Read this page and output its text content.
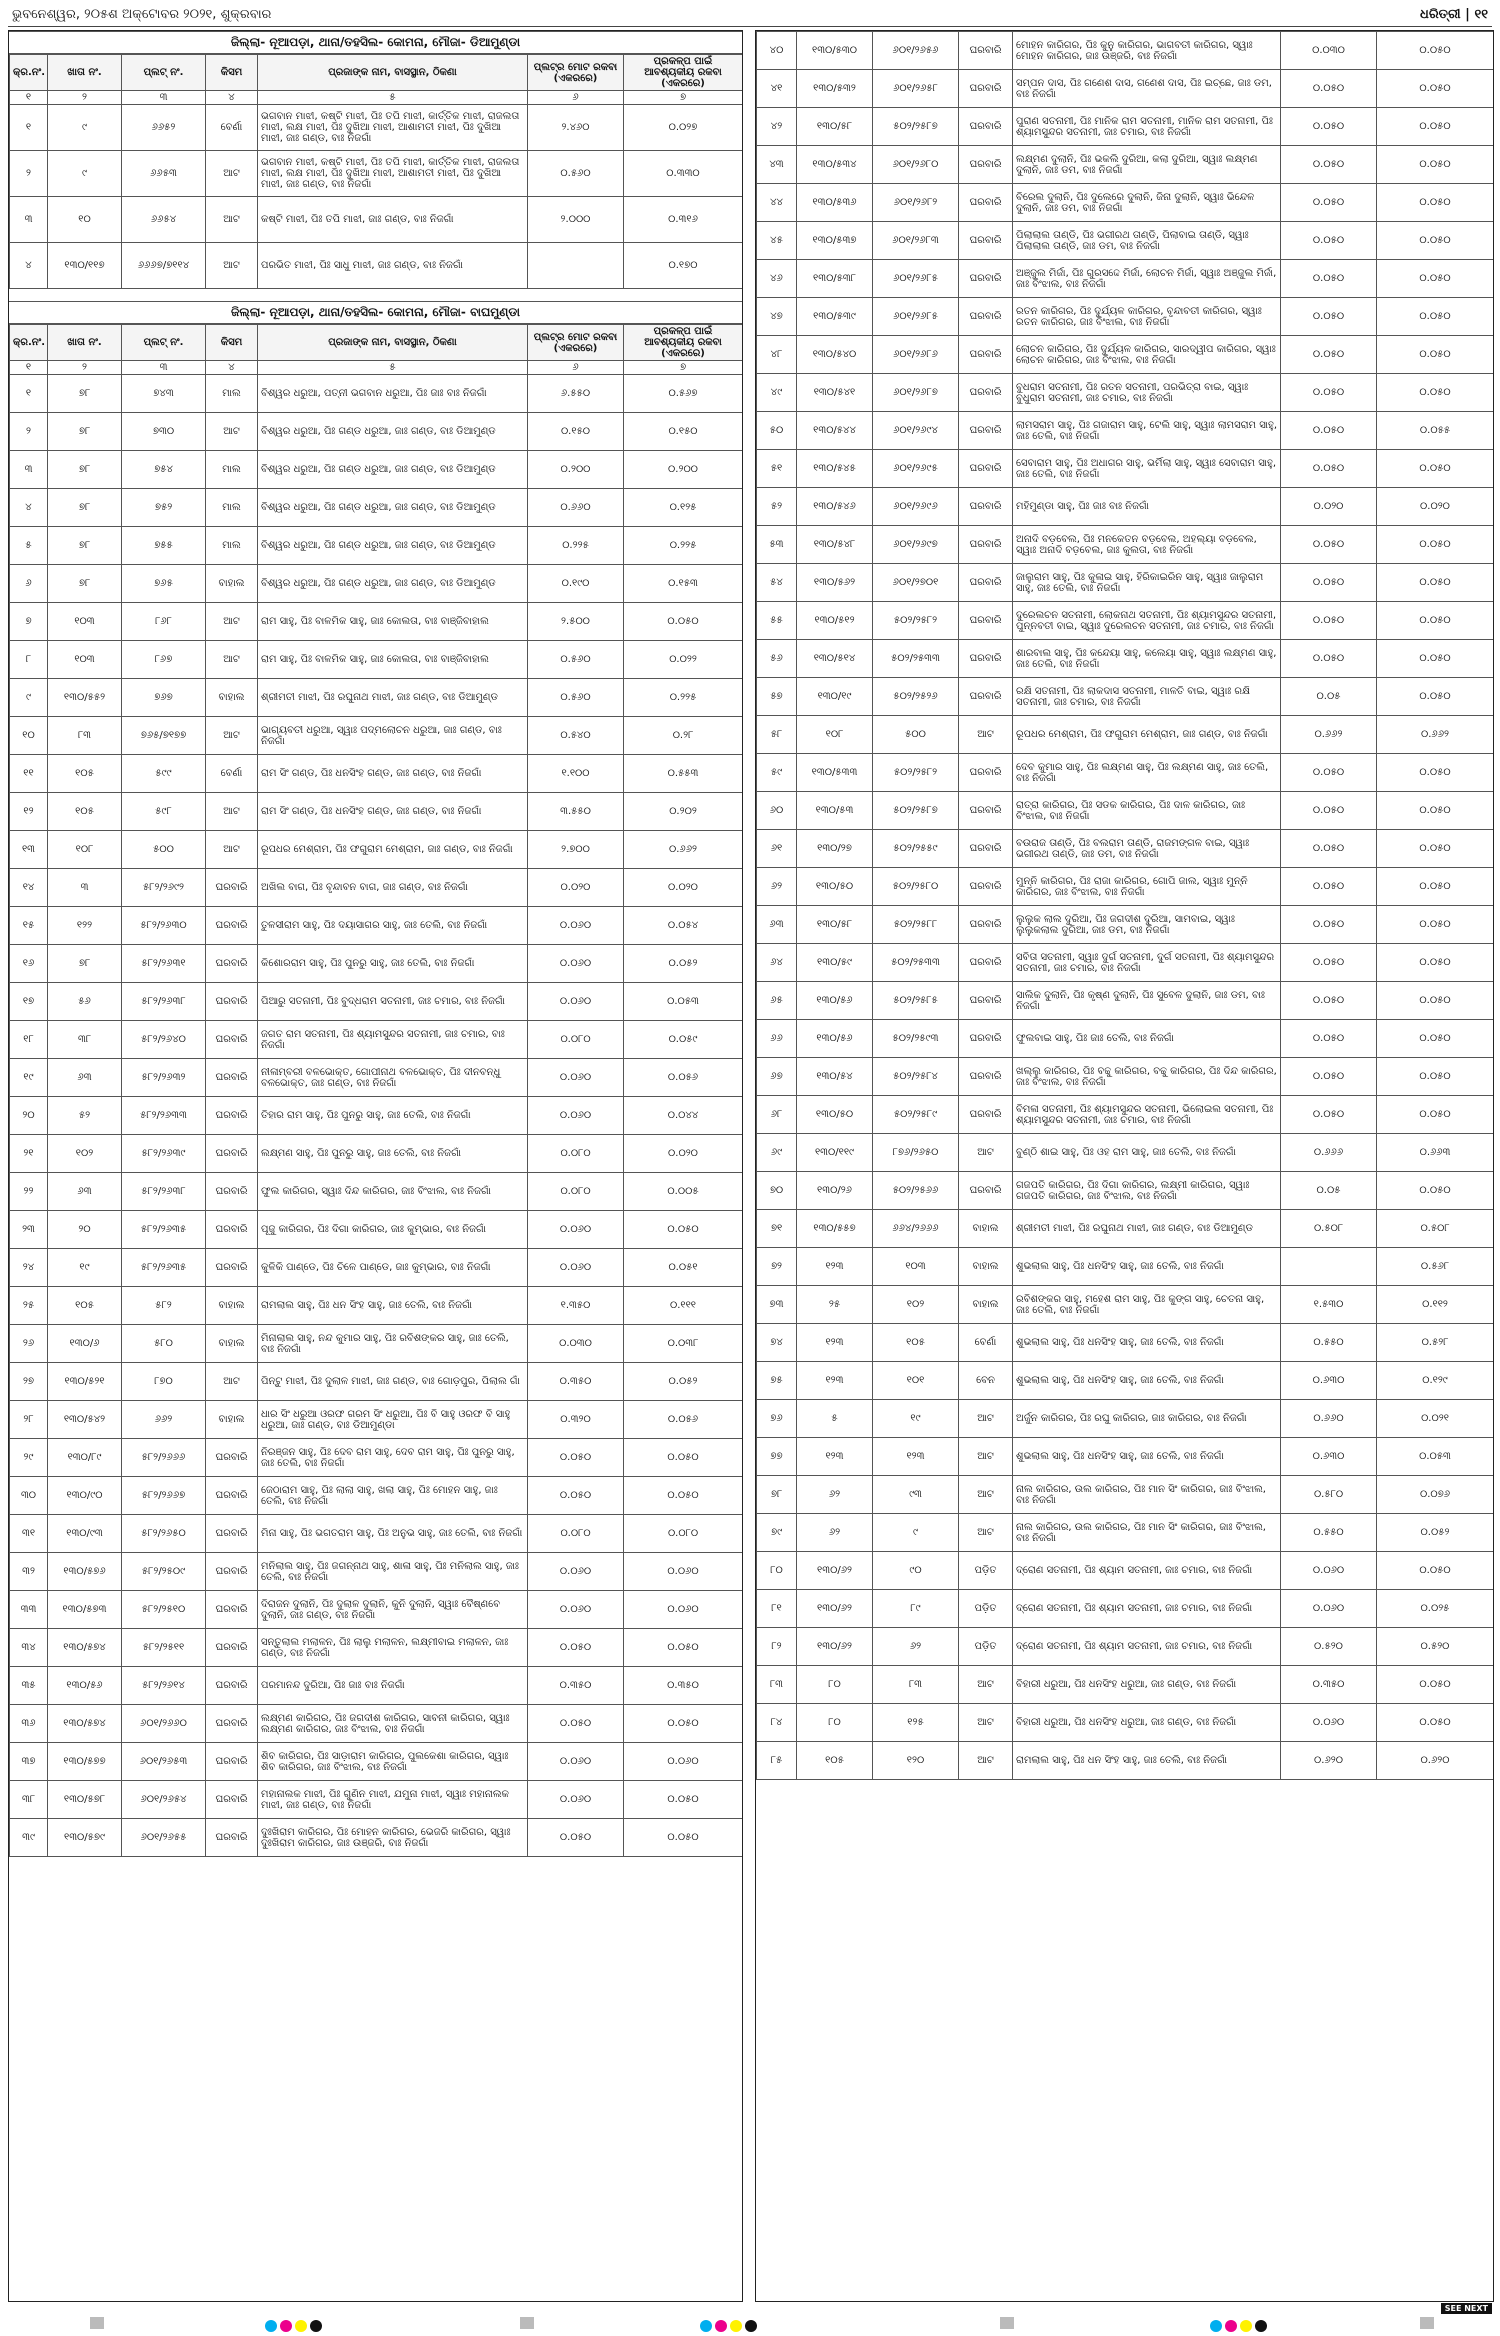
ଭୁବନେଶ୍ୱର, ୨୦୫ଶ ଅକ୍ଟୋବର ୨୦୨୧, ଶୁକ୍ରବାର	ଧରିତ୍ରୀ | ୧୧
ଜିଲ୍ଲା- ନୂଆପଡ଼ା, ଥାନା/ତହସିଲ- କୋମନା, ମୌଜା- ଡିଆମୁଣ୍ଡା
କ୍ର.ନଂ.	ଖାତା ନଂ.	ପ୍ଲଟ୍ ନଂ.	କିସମ	ପ୍ରଜାଙ୍କ ନାମ, ବାସସ୍ଥାନ, ଠିକଣା	ପ୍ଲଟ୍ର ମୋଟ ରକବା (ଏକରରେ)	ପ୍ରକଳ୍ପ ପାଇଁ ଆବଶ୍ୟକୀୟ ରକବା (ଏକରରେ)
୧	୨	୩	୪	୫	୬	୭
୧	୯	୬୬୫୨	ବେର୍ଣା	ଭଗବାନ ମାଝୀ, କଷ୍ଟି ମାଝୀ, ପିଃ ତପି ମାଝୀ, କାର୍ତ୍ତିକ ମାଝୀ, ରାଜଲତା ମାଝୀ, ଲକ୍ଷ ମାଝୀ, ପିଃ ଦୁଖିଆ ମାଝୀ, ଆଶାମତୀ ମାଝୀ, ପିଃ ଦୁଖିଆ ମାଝୀ, ଜାଃ ଗଣ୍ଡ, ବାଃ ନିଜଗାଁ	୨.୪୬୦	୦.୦୨୭
୨	୯	୬୬୫୩	ଆଟ	ଭଗବାନ ମାଝୀ, କଷ୍ଟି ମାଝୀ, ପିଃ ତପି ମାଝୀ, କାର୍ତ୍ତିକ ମାଝୀ, ରାଜଲତା ମାଝୀ, ଲକ୍ଷ ମାଝୀ, ପିଃ ଦୁଖିଆ ମାଝୀ, ଆଶାମତୀ ମାଝୀ, ପିଃ ଦୁଖିଆ ମାଝୀ, ଜାଃ ଗଣ୍ଡ, ବାଃ ନିଜଗାଁ	୦.୫୬୦	୦.୩୩୦
୩	୧୦	୬୬୫୪	ଆଟ	କଷ୍ଟି ମାଝୀ, ପିଃ ତପି ମାଝୀ, ଜାଃ ଗଣ୍ଡ, ବାଃ ନିଜଗାଁ	୨.୦୦୦	୦.୩୧୬
୪	୧୩୦/୧୧୭	୬୬୬୭/୭୧୧୪	ଆଟ	ପରଭିତ ମାଝୀ, ପିଃ ସାଧୁ ମାଝୀ, ଜାଃ ଗଣ୍ଡ, ବାଃ ନିଜଗାଁ		୦.୧୭୦
ଜିଲ୍ଲା- ନୂଆପଡ଼ା, ଥାନା/ତହସିଲ- କୋମନା, ମୌଜା- ବାଘମୁଣ୍ଡା
କ୍ର.ନଂ.	ଖାତା ନଂ.	ପ୍ଲଟ୍ ନଂ.	କିସମ	ପ୍ରଜାଙ୍କ ନାମ, ବାସସ୍ଥାନ, ଠିକଣା	ପ୍ଲଟ୍ର ମୋଟ ରକବା (ଏକରରେ)	ପ୍ରକଳ୍ପ ପାଇଁ ଆବଶ୍ୟକୀୟ ରକବା (ଏକରରେ)
୧	୨	୩	୪	୫	୬	୭
୧	୭୮	୭୪୩	ମାଲ	ବିଶ୍ୱର ଧରୁଆ, ପତ୍ନୀ ଭଗବାନ ଧରୁଆ, ପିଃ ଜାଃ ବାଃ ନିଜଗାଁ	୬.୫୫୦	୦.୫୬୭
୨	୭୮	୭୩୦	ଆଟ	ବିଶ୍ୱର ଧରୁଆ, ପିଃ ଗଣ୍ଡ ଧରୁଆ, ଜାଃ ଗଣ୍ଡ, ବାଃ ଡିଆମୁଣ୍ଡ	୦.୧୫୦	୦.୧୫୦
୩	୭୮	୭୫୪	ମାଲ	ବିଶ୍ୱର ଧରୁଆ, ପିଃ ଗଣ୍ଡ ଧରୁଆ, ଜାଃ ଗଣ୍ଡ, ବାଃ ଡିଆମୁଣ୍ଡ	୦.୨୦୦	୦.୨୦୦
୪	୭୮	୭୫୨	ମାଲ	ବିଶ୍ୱର ଧରୁଆ, ପିଃ ଗଣ୍ଡ ଧରୁଆ, ଜାଃ ଗଣ୍ଡ, ବାଃ ଡିଆମୁଣ୍ଡ	୦.୬୬୦	୦.୧୨୫
୫	୭୮	୭୫୫	ମାଲ	ବିଶ୍ୱର ଧରୁଆ, ପିଃ ଗଣ୍ଡ ଧରୁଆ, ଜାଃ ଗଣ୍ଡ, ବାଃ ଡିଆମୁଣ୍ଡ	୦.୨୨୫	୦.୨୨୫
୬	୭୮	୭୬୫	ବାହାଲ	ବିଶ୍ୱର ଧରୁଆ, ପିଃ ଗଣ୍ଡ ଧରୁଆ, ଜାଃ ଗଣ୍ଡ, ବାଃ ଡିଆମୁଣ୍ଡ	୦.୧୯୦	୦.୧୫୩
୭	୧୦୩	୮୬୮	ଆଟ	ରାମ ସାହୁ, ପିଃ ବାଳମିକ ସାହୁ, ଜାଃ କୋଲତା, ବାଃ ବାଞ୍ଜିବାହାଲ	୨.୫୦୦	୦.୦୫୦
୮	୧୦୩	୮୬୭	ଆଟ	ରାମ ସାହୁ, ପିଃ ବାଳମିକ ସାହୁ, ଜାଃ କୋଲତା, ବାଃ ବାଞ୍ଜିବାହାଲ	୦.୫୬୦	୦.୦୨୨
୯	୧୩୦/୫୫୨	୭୬୭	ବାହାଲ	ଶ୍ରୀମତୀ ମାଝୀ, ପିଃ ରଘୁନାଥ ମାଝୀ, ଜାଃ ଗଣ୍ଡ, ବାଃ ଡିଆମୁଣ୍ଡ	୦.୫୬୦	୦.୨୨୫
୧୦	୮୩	୭୬୫/୭୧୭୭	ଆଟ	ଭାଗ୍ୟବତୀ ଧରୁଆ, ସ୍ୱାଃ ପଦ୍ମଲୋଚନ ଧରୁଆ, ଜାଃ ଗଣ୍ଡ, ବାଃ ନିଜଗାଁ	୦.୫୪୦	୦.୨୮
୧୧	୧୦୫	୫୯୯	ବେର୍ଣା	ରାମ ସିଂ ଗଣ୍ଡ, ପିଃ ଧନସିଂହ ଗଣ୍ଡ, ଜାଃ ଗଣ୍ଡ, ବାଃ ନିଜଗାଁ	୧.୧୦୦	୦.୫୫୩
୧୨	୧୦୫	୫୯୮	ଆଟ	ରାମ ସିଂ ଗଣ୍ଡ, ପିଃ ଧନସିଂହ ଗଣ୍ଡ, ଜାଃ ଗଣ୍ଡ, ବାଃ ନିଜଗାଁ	୩.୫୫୦	୦.୨୦୨
୧୩	୧୦୮	୫୦୦	ଆଟ	ରୂପଧର ମେଶ୍ରାମ, ପିଃ ଫଗୁରାମ ମେଶ୍ରାମ, ଜାଃ ଗଣ୍ଡ, ବାଃ ନିଜଗାଁ	୨.୭୦୦	୦.୬୬୨
୧୪	୩	୫୮୨/୨୬୯୨	ଘରବାରି	ଅଖିଲ ବାଗ, ପିଃ ବୃନ୍ଦାବନ ବାଗ, ଜାଃ ଗଣ୍ଡ, ବାଃ ନିଜଗାଁ	୦.୦୨୦	୦.୦୨୦
୧୫	୧୨୨	୫୮୨/୨୬୩୦	ଘରବାରି	ତୁଳସୀରାମ ସାହୁ, ପିଃ ଦୟାସାଗର ସାହୁ, ଜାଃ ତେଲି, ବାଃ ନିଜଗାଁ	୦.୦୬୦	୦.୦୫୪
୧୬	୭୮	୫୮୨/୨୬୩୧	ଘରବାରି	କିଶୋରରାମ ସାହୁ, ପିଃ ପୁନରୁ ସାହୁ, ଜାଃ ତେଲି, ବାଃ ନିଜଗାଁ	୦.୦୬୦	୦.୦୫୨
୧୭	୫୬	୫୮୨/୨୬୩୮	ଘରବାରି	ପିଆରୁ ସତନାମୀ, ପିଃ ବୁଦ୍ଧରାମ ସତନାମୀ, ଜାଃ ଚମାର, ବାଃ ନିଜଗାଁ	୦.୦୬୦	୦.୦୫୩
୧୮	୩୮	୫୮୨/୨୬୪୦	ଘରବାରି	ଜଗତ ରାମ ସତନାମୀ, ପିଃ ଶ୍ୟାମସୁନ୍ଦର ସତନାମୀ, ଜାଃ ଚମାର, ବାଃ ନିଜଗାଁ	୦.୦୮୦	୦.୦୫୯
୧୯	୬୩	୫୮୨/୨୬୩୨	ଘରବାରି	ନୀଳାମ୍ବରୀ ବଳଭୋକ୍ତ, ଗୋପୀନାଥ ବଳଭୋକ୍ତ, ପିଃ ଦୀନବନ୍ଧୁ ବଳଭୋକ୍ତ, ଜାଃ ଗଣ୍ଡ, ବାଃ ନିଜଗାଁ	୦.୦୬୦	୦.୦୫୬
୨୦	୫୨	୫୮୨/୨୬୩୩	ଘରବାରି	ତିହାର ରାମ ସାହୁ, ପିଃ ପୁନରୁ ସାହୁ, ଜାଃ ତେଲି, ବାଃ ନିଜଗାଁ	୦.୦୬୦	୦.୦୪୪
୨୧	୧୦୨	୫୮୨/୨୬୩୯	ଘରବାରି	ଲକ୍ଷ୍ମଣ ସାହୁ, ପିଃ ପୁନରୁ ସାହୁ, ଜାଃ ତେଲି, ବାଃ ନିଜଗାଁ	୦.୦୮୦	୦.୦୨୦
୨୨	୬୩	୫୮୨/୨୬୩୮	ଘରବାରି	ଫୁଲ କାରିଗର, ସ୍ୱାଃ ଦିନ୍ଦ କାରିଗର, ଜାଃ ବିଂଝାଲ, ବାଃ ନିଜଗାଁ	୦.୦୮୦	୦.୦୦୫
୨୩	୨୦	୫୮୨/୨୬୩୫	ଘରବାରି	ପୂଜୁ କାରିଗର, ପିଃ ଦିଗା କାରିଗର, ଜାଃ କୁମ୍ଭାର, ବାଃ ନିଜଗାଁ	୦.୦୬୦	୦.୦୫୦
୨୪	୧୯	୫୮୨/୨୬୩୫	ଘରବାରି	କୁଳିକି ପାଣ୍ଡେ, ପିଃ ଚିଳେ ପାଣ୍ଡେ, ଜାଃ କୁମ୍ଭାର, ବାଃ ନିଜଗାଁ	୦.୦୬୦	୦.୦୫୧
୨୫	୧୦୫	୫୮୨	ବାହାଲ	ରାମଲାଲ ସାହୁ, ପିଃ ଧନ ସିଂହ ସାହୁ, ଜାଃ ତେଲି, ବାଃ ନିଜଗାଁ	୧.୩୫୦	୦.୧୧୧
୨୬	୧୩୦/୬	୫୮୦	ବାହାଲ	ମିନାଲାଲ ସାହୁ, ନନ୍ଦ କୁମାର ସାହୁ, ପିଃ ରବିଶଙ୍କର ସାହୁ, ଜାଃ ତେଲି, ବାଃ ନିଜଗାଁ	୦.୦୩୦	୦.୦୩୮
୨୭	୧୩୦/୫୨୧	୮୭୦	ଆଟ	ପିନ୍ଟୁ ମାଝୀ, ପିଃ ଦୁଲାଳ ମାଝୀ, ଜାଃ ଗଣ୍ଡ, ବାଃ ଗୋଡ଼ପୁର, ପିଲାଲ ଗାଁ	୦.୩୫୦	୦.୦୫୨
୨୮	୧୩୦/୫୪୨	୬୬୨	ବାହାଲ	ଧାର ସିଂ ଧରୁଆ ଓରଫ ଗରମ ସିଂ ଧରୁଆ, ପିଃ ବି ସାହୁ ଓରଫ ବି ସାହୁ ଧରୁଆ, ଜାଃ ଗଣ୍ଡ, ବାଃ ଡିଆମୁଣ୍ଡା	୦.୩୨୦	୦.୦୫୬
୨୯	୧୩୦/୮୯	୫୮୨/୨୬୬୬	ଘରବାରି	ନିରଞ୍ଜନ ସାହୁ, ପିଃ ଦେବ ରାମ ସାହୁ, ଦେବ ରାମ ସାହୁ, ପିଃ ପୁନରୁ ସାହୁ, ଜାଃ ତେଲି, ବାଃ ନିଜଗାଁ	୦.୦୫୦	୦.୦୫୦
୩୦	୧୩୦/୯୦	୫୮୨/୨୬୬୭	ଘରବାରି	ଜେଠାରାମ ସାହୁ, ପିଃ ଲାଲା ସାହୁ, ଖଲା ସାହୁ, ପିଃ ମୋହନ ସାହୁ, ଜାଃ ତେଲି, ବାଃ ନିଜଗାଁ	୦.୦୫୦	୦.୦୫୦
୩୧	୧୩୦/୯୩	୫୮୨/୨୬୫୦	ଘରବାରି	ମିନା ସାହୁ, ପିଃ ଭଗତରାମ ସାହୁ, ପିଃ ଅନୁଭ ସାହୁ, ଜାଃ ତେଲି, ବାଃ ନିଜଗାଁ	୦.୦୮୦	୦.୦୮୦
୩୨	୧୩୦/୫୭୬	୫୮୨/୨୫୦୯	ଘରବାରି	ମନିଲାଲ ସାହୁ, ପିଃ ଜଗନ୍ନାଥ ସାହୁ, ଶାଳା ସାହୁ, ପିଃ ମନିଲାଲ ସାହୁ, ଜାଃ ତେଲି, ବାଃ ନିଜଗାଁ	୦.୦୬୦	୦.୦୬୦
୩୩	୧୩୦/୫୭୩	୫୮୨/୨୫୧୦	ଘରବାରି	ଦିରାଜନ ଦୁଲାନି, ପିଃ ଦୁଲାଳ ଦୁଲାନି, କୁନି ଦୁଲାନି, ସ୍ୱାଃ ବୈଷ୍ଣବେ ଦୁଲାନି, ଜାଃ ଗଣ୍ଡ, ବାଃ ନିଜଗାଁ	୦.୦୬୦	୦.୦୬୦
୩୪	୧୩୦/୫୭୪	୫୮୨/୨୫୧୧	ଘରବାରି	ସନ୍ତୁଲାଲ ମଲାଳନ, ପିଃ ଲାଲୁ ମଲାଳନ, ଲକ୍ଷ୍ମୀବାଇ ମଲାଳନ, ଜାଃ ଗଣ୍ଡ, ବାଃ ନିଜଗାଁ	୦.୦୫୦	୦.୦୫୦
୩୫	୧୩୦/୫୬	୫୮୨/୨୬୧୪	ଘରବାରି	ପରମାନନ୍ଦ ଦୁରିଆ, ପିଃ ଜାଃ ବାଃ ନିଜଗାଁ	୦.୩୫୦	୦.୩୫୦
୩୬	୧୩୦/୫୭୪	୬୦୧/୨୬୬୦	ଘରବାରି	ଲକ୍ଷ୍ମଣ କାରିଗର, ପିଃ ଜଗଦୀଶ କାରିଗର, ସାବନୀ କାରିଗର, ସ୍ୱାଃ ଲକ୍ଷ୍ମଣ କାରିଗର, ଜାଃ ବିଂଝାଲ, ବାଃ ନିଜଗାଁ	୦.୦୫୦	୦.୦୫୦
୩୭	୧୩୦/୫୭୭	୬୦୧/୨୬୫୩	ଘରବାରି	ଶିବ କାରିଗର, ପିଃ ସାଡ଼ାରାମ କାରିଗର, ପୁଲକେଶା କାରିଗର, ସ୍ୱାଃ ଶିବ କାରିଗର, ଜାଃ ବିଂଝାଲ, ବାଃ ନିଜଗାଁ	୦.୦୬୦	୦.୦୬୦
୩୮	୧୩୦/୫୭୮	୬୦୧/୨୬୫୪	ଘରବାରି	ମହାନାଲକ ମାଝୀ, ପିଃ ଗୁଣିନ ମାଝୀ, ଯମୁନା ମାଝୀ, ସ୍ୱାଃ ମହାନାଲକ ମାଝୀ, ଜାଃ ଗଣ୍ଡ, ବାଃ ନିଜଗାଁ	୦.୦୬୦	୦.୦୫୦
୩୯	୧୩୦/୫୭୯	୬୦୧/୨୬୫୫	ଘରବାରି	ଦୁଃଖିରାମ କାରିଗର, ପିଃ ମୋହନ କାରିଗର, ଭେଜରି କାରିଗର, ସ୍ୱାଃ ଦୁଃଖିରାମ କାରିଗର, ଜାଃ ଉଞ୍ଜରି, ବାଃ ନିଜଗାଁ	୦.୦୫୦	୦.୦୫୦
୪୦	୧୩୦/୫୩୦	୬୦୧/୨୬୫୬	ଘରବାରି	ମୋହନ କାରିଗର, ପିଃ କୁନୁ କାରିଗର, ଭାଗବତୀ କାରିଗର, ସ୍ୱାଃ ମୋହନ କାରିଗର, ଜାଃ ଉଞ୍ଜରି, ବାଃ ନିଜଗାଁ	୦.୦୩୦	୦.୦୫୦
୪୧	୧୩୦/୫୩୨	୬୦୧/୨୬୫୮	ଘରବାରି	ସମ୍ପନ ଦାସ, ପିଃ ଗଣେଶ ଦାସ, ଗଣେଶ ଦାସ, ପିଃ ଇଚ୍ଛେ, ଜାଃ ଡମ, ବାଃ ନିଜଗାଁ	୦.୦୫୦	୦.୦୫୦
୪୨	୧୩୦/୫୮	୫୦୨/୨୫୮୭	ଘରବାରି	ପୁରାଣ ସତନାମୀ, ପିଃ ମାନିକ ରାମ ସତନାମୀ, ମାନିକ ରାମ ସତନାମୀ, ପିଃ ଶ୍ୟାମସୁନ୍ଦର ସତନାମୀ, ଜାଃ ଚମାର, ବାଃ ନିଜଗାଁ	୦.୦୫୦	୦.୦୫୦
୪୩	୧୩୦/୫୩୪	୬୦୧/୨୬୮୦	ଘରବାରି	ଲକ୍ଷ୍ମଣ ଦୁଲାନି, ପିଃ ଭକଲି ଦୁରିଆ, କଲା ଦୁରିଆ, ସ୍ୱାଃ ଲକ୍ଷ୍ମଣ ଦୁଲାନି, ଜାଃ ଡମ, ବାଃ ନିଜଗାଁ	୦.୦୫୦	୦.୦୫୦
୪୪	୧୩୦/୫୩୬	୬୦୧/୨୬୮୨	ଘରବାରି	ବିରେଲ ଦୁଲାନି, ପିଃ ଦୁଲେରେ ଦୁଲାନି, ଜିନା ଦୁଲାନି, ସ୍ୱାଃ ଭିନ୍ଦେଳ ଦୁଲାନି, ଜାଃ ଡମ, ବାଃ ନିଜଗାଁ	୦.୦୫୦	୦.୦୫୦
୪୫	୧୩୦/୫୩୭	୬୦୧/୨୬୮୩	ଘରବାରି	ପିଲାଲାଲ ତାଣ୍ଡି, ପିଃ ଭଗୀରଥ ତାଣ୍ଡି, ପିଲାବାଇ ତାଣ୍ଡି, ସ୍ୱାଃ ପିଲାଲାଲ ତାଣ୍ଡି, ଜାଃ ଡମ, ବାଃ ନିଜଗାଁ	୦.୦୫୦	୦.୦୫୦
୪୬	୧୩୦/୫୩୮	୬୦୧/୨୬୮୫	ଘରବାରି	ଅଞ୍ଜୁଲ ମିର୍ଜା, ପିଃ ଗୁରସଦ୍ଦେ ମିର୍ଜା, ଲୋଚନ ମିର୍ଜା, ସ୍ୱାଃ ଅଞ୍ଜୁଲ ମିର୍ଜା, ଜାଃ ବିଂଝାଲ, ବାଃ ନିଜଗାଁ	୦.୦୫୦	୦.୦୫୦
୪୭	୧୩୦/୫୩୯	୬୦୧/୨୬୮୫	ଘରବାରି	ରତନ କାରିଗର, ପିଃ ଦୁର୍ଯ୍ୟଳ କାରିଗର, ବୃନ୍ଦାବତୀ କାରିଗର, ସ୍ୱାଃ ରତନ କାରିଗର, ଜାଃ ବିଂଝାଲ, ବାଃ ନିଜଗାଁ	୦.୦୫୦	୦.୦୫୦
୪୮	୧୩୦/୫୪୦	୬୦୧/୨୬୮୬	ଘରବାରି	ଲୋଚନ କାରିଗର, ପିଃ ଦୁର୍ଯ୍ୟଳ କାରିଗର, ସାରଦ୍ୱୀପ କାରିଗର, ସ୍ୱାଃ ଲୋଚନ କାରିଗର, ଜାଃ ବିଂଝାଲ, ବାଃ ନିଜଗାଁ	୦.୦୫୦	୦.୦୫୦
୪୯	୧୩୦/୫୪୧	୬୦୧/୨୬୮୭	ଘରବାରି	ବୁଧରାମ ସତନାମୀ, ପିଃ ରତନ ସତନାମୀ, ପରଭିତ୍ରା ବାଇ, ସ୍ୱାଃ ବୁଧୁରାମ ସତନାମୀ, ଜାଃ ଚମାର, ବାଃ ନିଜଗାଁ	୦.୦୫୦	୦.୦୫୦
୫୦	୧୩୦/୫୪୪	୬୦୧/୨୬୯୪	ଘରବାରି	ଲାମସରାମ ସାହୁ, ପିଃ ଗଜାରାମ ସାହୁ, ଟେଲି ସାହୁ, ସ୍ୱାଃ ଲାମସରାମ ସାହୁ, ଜାଃ ତେଲି, ବାଃ ନିଜଗାଁ	୦.୦୫୦	୦.୦୫୫
୫୧	୧୩୦/୫୪୫	୬୦୧/୨୬୯୫	ଘରବାରି	ସେବାରାମ ସାହୁ, ପିଃ ଅଧାଗର ସାହୁ, ଭର୍ମିଲା ସାହୁ, ସ୍ୱାଃ ସେବାରାମ ସାହୁ, ଜାଃ ତେଲି, ବାଃ ନିଜଗାଁ	୦.୦୫୦	୦.୦୫୦
୫୨	୧୩୦/୫୪୬	୬୦୧/୨୬୯୬	ଘରବାରି	ମହିମୁଣ୍ଡା ସାହୁ, ପିଃ ଜାଃ ବାଃ ନିଜଗାଁ	୦.୦୨୦	୦.୦୨୦
୫୩	୧୩୦/୫୪୮	୬୦୧/୨୬୯୭	ଘରବାରି	ଅନାଦି ବଡ଼ବେଲ, ପିଃ ମନକେତନ ବଡ଼ବେଲ, ଅହଲ୍ୟା ବଡ଼ବେଲ, ସ୍ୱାଃ ଅନାଦି ବଡ଼ବେଲ, ଜାଃ କୁଲତା, ବାଃ ନିଜଗାଁ	୦.୦୫୦	୦.୦୫୦
୫୪	୧୩୦/୫୬୨	୬୦୧/୨୭୦୧	ଘରବାରି	ଜାଲୁରାମ ସାହୁ, ପିଃ କୁଳାଇ ସାହୁ, ହିରିକାଇରିନ ସାହୁ, ସ୍ୱାଃ ଜାଲୁରାମ ସାହୁ, ଜାଃ ତେଲି, ବାଃ ନିଜଗାଁ	୦.୦୫୦	୦.୦୫୦
୫୫	୧୩୦/୫୧୨	୫୦୨/୨୫୮୨	ଘରବାରି	ଦୁରେଲଚନ ସତନାମୀ, ଲୋକନାଥ ସତନାମୀ, ପିଃ ଶ୍ୟାମସୁନ୍ଦର ସତନାମୀ, ପୁନ୍ନବତୀ ବାଇ, ସ୍ୱାଃ ଦୁରେଲଚନ ସତନାମୀ, ଜାଃ ଚମାର, ବାଃ ନିଜଗାଁ	୦.୦୫୦	୦.୦୫୦
୫୬	୧୩୦/୫୧୪	୫୦୨/୨୫୩୩	ଘରବାରି	ଶାରବାଲ ସାହୁ, ପିଃ କନ୍ଦେୟା ସାହୁ, କଲେୟା ସାହୁ, ସ୍ୱାଃ ଲକ୍ଷ୍ମଣ ସାହୁ, ଜାଃ ତେଲି, ବାଃ ନିଜଗାଁ	୦.୦୫୦	୦.୦୫୦
୫୭	୧୩୦/୧୯	୫୦୨/୨୫୨୬	ଘରବାରି	ରକ୍ଷି ସତନାମୀ, ପିଃ ଲାକଦାସ ସତନାମୀ, ମାଳତି ବାଇ, ସ୍ୱାଃ ରକ୍ଷି ସତନାମୀ, ଜାଃ ଚମାର, ବାଃ ନିଜଗାଁ	୦.୦୫	୦.୦୫୦
୫୮	୧୦୮	୫୦୦	ଆଟ	ରୂପଧର ମେଶ୍ରାମ, ପିଃ ଫଗୁରାମ ମେଶ୍ରାମ, ଜାଃ ଗଣ୍ଡ, ବାଃ ନିଜଗାଁ	୦.୬୬୨	୦.୬୬୨
୫୯	୧୩୦/୫୩୩	୫୦୨/୨୫୮୨	ଘରବାରି	ଦେବ କୁମାର ସାହୁ, ପିଃ ଲକ୍ଷ୍ମଣ ସାହୁ, ପିଃ ଲକ୍ଷ୍ମଣ ସାହୁ, ଜାଃ ତେଲି, ବାଃ ନିଜଗାଁ	୦.୦୫୦	୦.୦୫୦
୬୦	୧୩୦/୫୩	୫୦୨/୨୫୮୭	ଘରବାରି	ରାତ୍ରା କାରିଗର, ପିଃ ସଡକ କାରିଗର, ପିଃ ଦାଳ କାରିଗର, ଜାଃ ବିଂଝାଲ, ବାଃ ନିଜଗାଁ	୦.୦୫୦	୦.୦୫୦
୬୧	୧୩୦/୨୭	୫୦୨/୨୫୫୯	ଘରବାରି	ବଉରାଜ ତାଣ୍ଡି, ପିଃ ବଲରାମ ତାଣ୍ଡି, ରାଜମଙ୍ଗଳ ବାଇ, ସ୍ୱାଃ ଭଗୀରଥ ତାଣ୍ଡି, ଜାଃ ଡମ, ବାଃ ନିଜଗାଁ	୦.୦୫୦	୦.୦୫୦
୬୨	୧୩୦/୫୦	୫୦୨/୨୫୮୦	ଘରବାରି	ମୁନ୍ନି କାରିଗର, ପିଃ ରାଜା କାରିଗର, ଗୋପି ଜାଲ, ସ୍ୱାଃ ମୁନ୍ନି କାରିଗର, ଜାଃ ବିଂଝାଲ, ବାଃ ନିଜଗାଁ	୦.୦୫୦	୦.୦୫୦
୬୩	୧୩୦/୫୮	୫୦୨/୨୫୮୮	ଘରବାରି	ଲୁଲୁକ ଲାଲ ଦୁରିଆ, ପିଃ ଜଗଦୀଶ ଦୁରିଆ, ସାମବାଇ, ସ୍ୱାଃ ଲୁଲୁକଲାଲ ଦୁରିଆ, ଜାଃ ଡମ, ବାଃ ନିଜଗାଁ	୦.୦୫୦	୦.୦୫୦
୬୪	୧୩୦/୫୯	୫୦୨/୨୫୩୩	ଘରବାରି	ସବିତା ସତନାମୀ, ସ୍ୱାଃ ଦୁର୍ଗ ସତନାମୀ, ଦୁର୍ଗ ସତନାମୀ, ପିଃ ଶ୍ୟାମସୁନ୍ଦର ସତନାମୀ, ଜାଃ ଚମାର, ବାଃ ନିଜଗାଁ	୦.୦୫୦	୦.୦୫୦
୬୫	୧୩୦/୫୬	୫୦୨/୨୫୮୫	ଘରବାରି	ସାଲିକ ଦୁଲାନି, ପିଃ କୃଷ୍ଣ ଦୁଲାନି, ପିଃ ସୁବେଳ ଦୁଲାନି, ଜାଃ ଡମ, ବାଃ ନିଜଗାଁ	୦.୦୫୦	୦.୦୫୦
୬୬	୧୩୦/୫୬	୫୦୨/୨୫୯୩	ଘରବାରି	ଫୁଲବାଇ ସାହୁ, ପିଃ ଜାଃ ତେଲି, ବାଃ ନିଜଗାଁ	୦.୦୫୦	୦.୦୫୦
୬୭	୧୩୦/୫୪	୫୦୨/୨୫୮୪	ଘରବାରି	ଖଲ୍ଲୁ କାରିଗର, ପିଃ ବଚ୍ଚୁ କାରିଗର, ବଚ୍ଚୁ କାରିଗର, ପିଃ ଦିନ୍ଦ କାରିଗର, ଜାଃ ବିଂଝାଲ, ବାଃ ନିଜଗାଁ	୦.୦୫୦	୦.୦୫୦
୬୮	୧୩୦/୫୦	୫୦୨/୨୫୮୯	ଘରବାରି	ବିମଳା ସତନାମୀ, ପିଃ ଶ୍ୟାମସୁନ୍ଦର ସତନାମୀ, ଭିଲୋଇଲ ସତନାମୀ, ପିଃ ଶ୍ୟାମସୁନ୍ଦର ସତନାମୀ, ଜାଃ ଚମାର, ବାଃ ନିଜଗାଁ	୦.୦୫୦	୦.୦୫୦
୬୯	୧୩୦/୧୧୯	୮୭୬/୨୬୫୦	ଆଟ	ବୁଣ୍ଠି ଶାଇ ସାହୁ, ପିଃ ଓହ ରାମ ସାହୁ, ଜାଃ ତେଲି, ବାଃ ନିଜଗାଁ	୦.୬୬୬	୦.୬୬୩
୭୦	୧୩୦/୨୬	୫୦୨/୨୫୬୬	ଘରବାରି	ଗଜପତି କାରିଗର, ପିଃ ଦିଗା କାରିଗର, ଲକ୍ଷ୍ମୀ କାରିଗର, ସ୍ୱାଃ ଗଜପତି କାରିଗର, ଜାଃ ବିଂଝାଲ, ବାଃ ନିଜଗାଁ	୦.୦୫	୦.୦୫୦
୭୧	୧୩୦/୫୫୭	୬୬୪/୨୬୬୬	ବାହାଲ	ଶ୍ରୀମତୀ ମାଝୀ, ପିଃ ରଘୁନାଥ ମାଝୀ, ଜାଃ ଗଣ୍ଡ, ବାଃ ଡିଆମୁଣ୍ଡ	୦.୫୦୮	୦.୫୦୮
୭୨	୧୨୩	୧୦୩	ବାହାଲ	ଶୁଭଲାଲ ସାହୁ, ପିଃ ଧନସିଂହ ସାହୁ, ଜାଃ ତେଲି, ବାଃ ନିଜଗାଁ		୦.୫୬୮
୭୩	୨୫	୧୦୨	ବାହାଲ	ରବିଶଙ୍କର ସାହୁ, ମହେଶ ରାମ ସାହୁ, ପିଃ କୁଙ୍ଗ ସାହୁ, ଚେତନା ସାହୁ, ଜାଃ ତେଲି, ବାଃ ନିଜଗାଁ	୧.୫୩୦	୦.୧୧୨
୭୪	୧୨୩	୧୦୫	ବେର୍ଣା	ଶୁଭଲାଲ ସାହୁ, ପିଃ ଧନସିଂହ ସାହୁ, ଜାଃ ତେଲି, ବାଃ ନିଜଗାଁ	୦.୫୫୦	୦.୫୨୮
୭୫	୧୨୩	୧୦୧	ବେନ	ଶୁଭଲାଲ ସାହୁ, ପିଃ ଧନସିଂହ ସାହୁ, ଜାଃ ତେଲି, ବାଃ ନିଜଗାଁ	୦.୬୩୦	୦.୧୨୯
୭୬	୫	୧୯	ଆଟ	ଅର୍ଜୁନ କାରିଗର, ପିଃ ରଘୁ କାରିଗର, ଜାଃ କାରିଗର, ବାଃ ନିଜଗାଁ	୦.୬୬୦	୦.୦୨୧
୭୭	୧୨୩	୧୨୩	ଆଟ	ଶୁଭଲାଲ ସାହୁ, ପିଃ ଧନସିଂହ ସାହୁ, ଜାଃ ତେଲି, ବାଃ ନିଜଗାଁ	୦.୬୩୦	୦.୦୫୩
୭୮	୬୨	୯୩	ଆଟ	ନାଲ କାରିଗର, ଉଲ କାରିଗର, ପିଃ ମାନ ସିଂ କାରିଗର, ଜାଃ ବିଂଝାଲ, ବାଃ ନିଜଗାଁ	୦.୫୮୦	୦.୦୭୬
୭୯	୬୨	୯	ଆଟ	ନାଲ କାରିଗର, ଉଲ କାରିଗର, ପିଃ ମାନ ସିଂ କାରିଗର, ଜାଃ ବିଂଝାଲ, ବାଃ ନିଜଗାଁ	୦.୫୫୦	୦.୦୫୨
୮୦	୧୩୦/୬୨	୯୦	ପଡ଼ିତ	ଦ୍ରୋଣ ସତନାମୀ, ପିଃ ଶ୍ୟାମ ସତନାମୀ, ଜାଃ ଚମାର, ବାଃ ନିଜଗାଁ	୦.୦୬୦	୦.୦୫୦
୮୧	୧୩୦/୬୨	୮୯	ପଡ଼ିତ	ଦ୍ରୋଣ ସତନାମୀ, ପିଃ ଶ୍ୟାମ ସତନାମୀ, ଜାଃ ଚମାର, ବାଃ ନିଜଗାଁ	୦.୦୬୦	୦.୦୨୫
୮୨	୧୩୦/୬୨	୬୨	ପଡ଼ିତ	ଦ୍ରୋଣ ସତନାମୀ, ପିଃ ଶ୍ୟାମ ସତନାମୀ, ଜାଃ ଚମାର, ବାଃ ନିଜଗାଁ	୦.୫୨୦	୦.୫୨୦
୮୩	୮୦	୮୩	ଆଟ	ବିହାରୀ ଧରୁଆ, ପିଃ ଧନସିଂହ ଧରୁଆ, ଜାଃ ଗଣ୍ଡ, ବାଃ ନିଜଗାଁ	୦.୩୫୦	୦.୦୫୦
୮୪	୮୦	୧୨୫	ଆଟ	ବିହାରୀ ଧରୁଆ, ପିଃ ଧନସିଂହ ଧରୁଆ, ଜାଃ ଗଣ୍ଡ, ବାଃ ନିଜଗାଁ	୦.୦୬୦	୦.୦୫୦
୮୫	୧୦୫	୧୨୦	ଆଟ	ରାମଲାଲ ସାହୁ, ପିଃ ଧନ ସିଂହ ସାହୁ, ଜାଃ ତେଲି, ବାଃ ନିଜଗାଁ	୦.୬୨୦	୦.୬୨୦
SEE NEXT
